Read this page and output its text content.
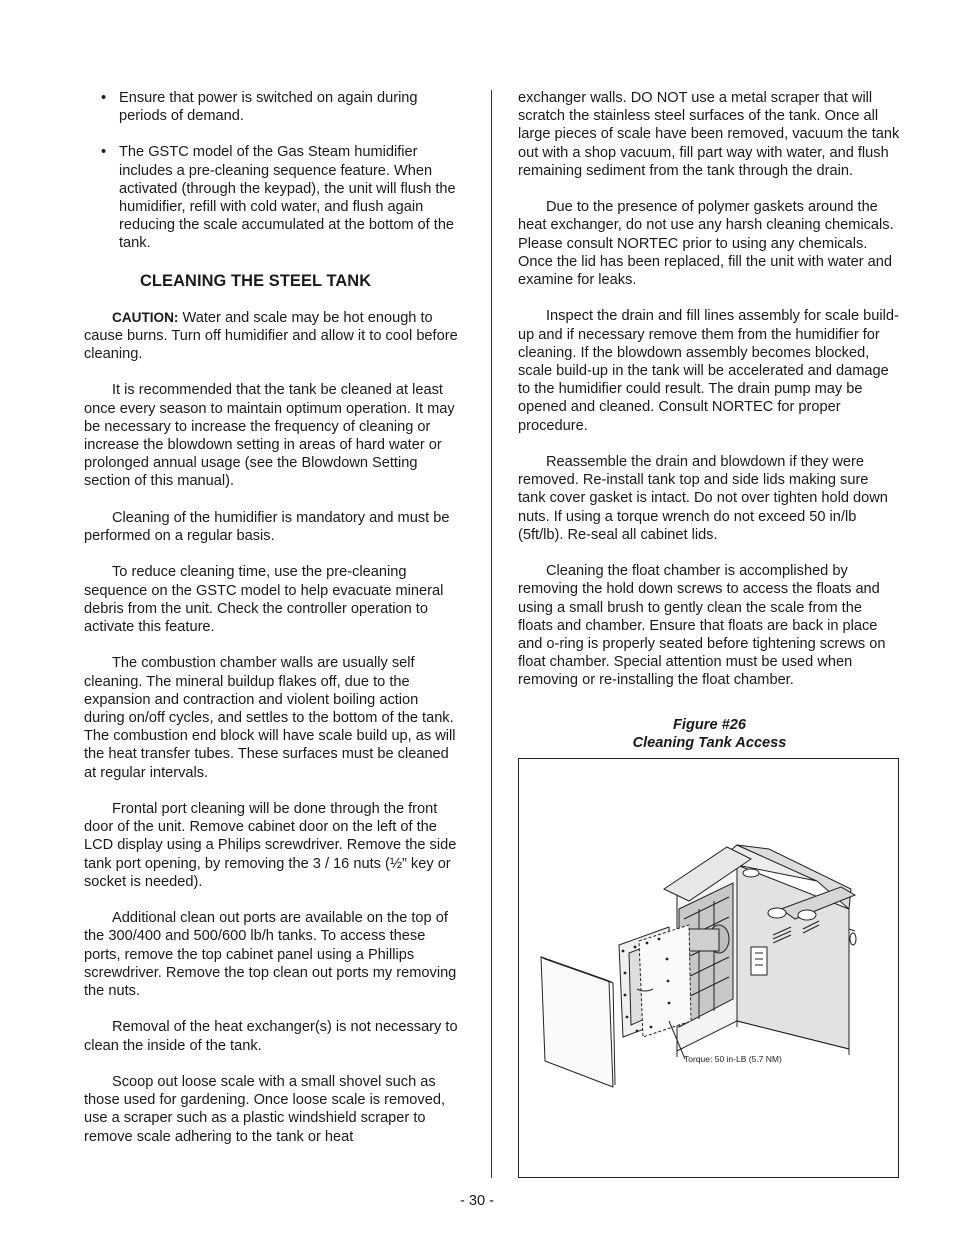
• Ensure that power is switched on again during periods of demand.
• The GSTC model of the Gas Steam humidifier includes a pre-cleaning sequence feature. When activated (through the keypad), the unit will flush the humidifier, refill with cold water, and flush again reducing the scale accumulated at the bottom of the tank.
CLEANING THE STEEL TANK

CAUTION: Water and scale may be hot enough to cause burns. Turn off humidifier and allow it to cool before cleaning.

It is recommended that the tank be cleaned at least once every season to maintain optimum operation. It may be necessary to increase the frequency of cleaning or increase the blowdown setting in areas of hard water or prolonged annual usage (see the Blowdown Setting section of this manual).

Cleaning of the humidifier is mandatory and must be performed on a regular basis.

To reduce cleaning time, use the pre-cleaning sequence on the GSTC model to help evacuate mineral debris from the unit. Check the controller operation to activate this feature.

The combustion chamber walls are usually self cleaning. The mineral buildup flakes off, due to the expansion and contraction and violent boiling action during on/off cycles, and settles to the bottom of the tank. The combustion end block will have scale build up, as will the heat transfer tubes. These surfaces must be cleaned at regular intervals.

Frontal port cleaning will be done through the front door of the unit. Remove cabinet door on the left of the LCD display using a Philips screwdriver. Remove the side tank port opening, by removing the 3 / 16 nuts (½” key or socket is needed).

Additional clean out ports are available on the top of the 300/400 and 500/600 lb/h tanks. To access these ports, remove the top cabinet panel using a Phillips screwdriver. Remove the top clean out ports my removing the nuts.

Removal of the heat exchanger(s) is not necessary to clean the inside of the tank.

Scoop out loose scale with a small shovel such as those used for gardening. Once loose scale is removed, use a scraper such as a plastic windshield scraper to remove scale adhering to the tank or heat

exchanger walls. DO NOT use a metal scraper that will scratch the stainless steel surfaces of the tank. Once all large pieces of scale have been removed, vacuum the tank out with a shop vacuum, fill part way with water, and flush remaining sediment from the tank through the drain.

Due to the presence of polymer gaskets around the heat exchanger, do not use any harsh cleaning chemicals. Please consult NORTEC prior to using any chemicals. Once the lid has been replaced, fill the unit with water and examine for leaks.

Inspect the drain and fill lines assembly for scale build-up and if necessary remove them from the humidifier for cleaning. If the blowdown assembly becomes blocked, scale build-up in the tank will be accelerated and damage to the humidifier could result. The drain pump may be opened and cleaned. Consult NORTEC for proper procedure.

Reassemble the drain and blowdown if they were removed. Re-install tank top and side lids making sure tank cover gasket is intact. Do not over tighten hold down nuts. If using a torque wrench do not exceed 50 in/lb (5ft/lb). Re-seal all cabinet lids.

Cleaning the float chamber is accomplished by removing the hold down screws to access the floats and using a small brush to gently clean the scale from the floats and chamber. Ensure that floats are back in place and o-ring is properly seated before tightening screws on float chamber. Special attention must be used when removing or re-installing the float chamber.

Figure #26
Cleaning Tank Access
Torque: 50 in-LB (5.7 NM)
- 30 -
